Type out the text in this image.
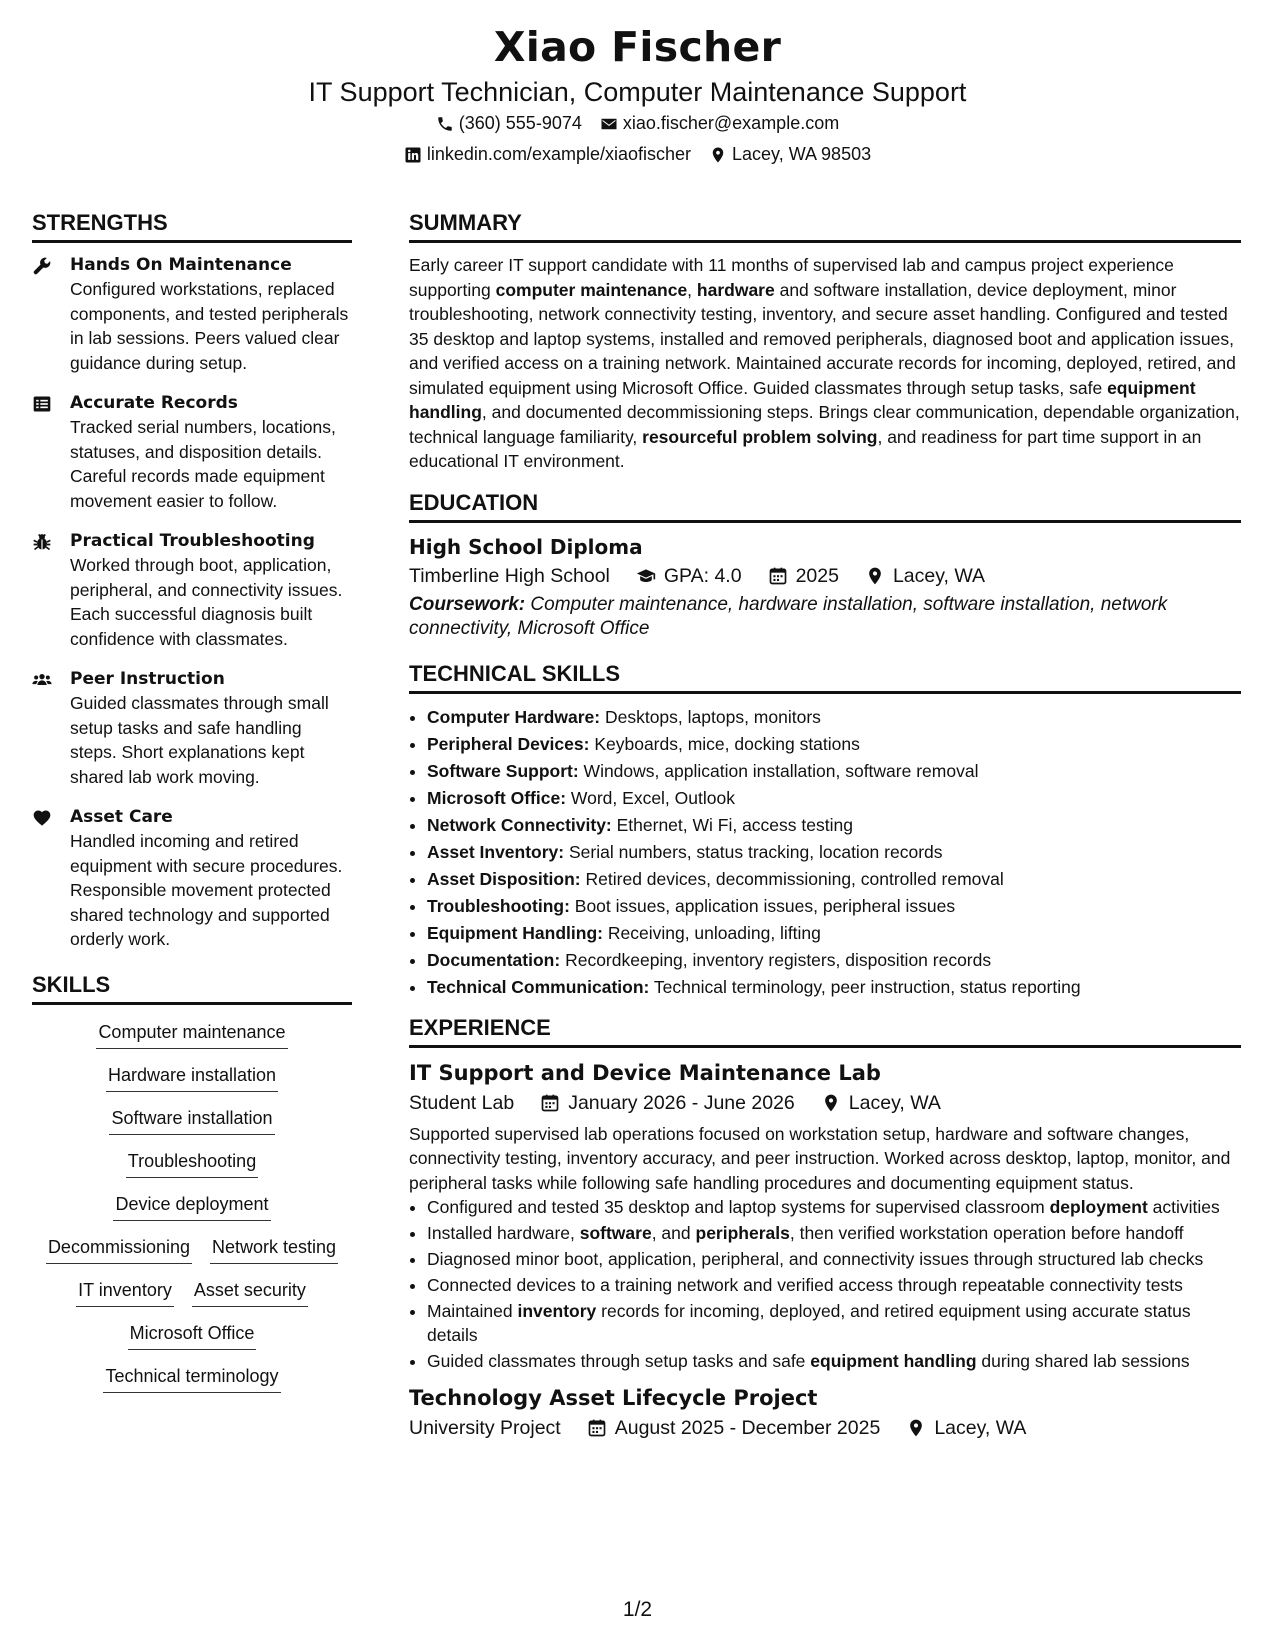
Xiao Fischer
IT Support Technician, Computer Maintenance Support
(360) 555-9074 xiao.fischer@example.com
linkedin.com/example/xiaofischer Lacey, WA 98503
STRENGTHS
Hands On Maintenance
Configured workstations, replaced components, and tested peripherals in lab sessions. Peers valued clear guidance during setup.
Accurate Records
Tracked serial numbers, locations, statuses, and disposition details. Careful records made equipment movement easier to follow.
Practical Troubleshooting
Worked through boot, application, peripheral, and connectivity issues. Each successful diagnosis built confidence with classmates.
Peer Instruction
Guided classmates through small setup tasks and safe handling steps. Short explanations kept shared lab work moving.
Asset Care
Handled incoming and retired equipment with secure procedures. Responsible movement protected shared technology and supported orderly work.
SKILLS
Computer maintenance
Hardware installation
Software installation
Troubleshooting
Device deployment
Decommissioning Network testing
IT inventory Asset security
Microsoft Office
Technical terminology
SUMMARY
Early career IT support candidate with 11 months of supervised lab and campus project experience supporting computer maintenance, hardware and software installation, device deployment, minor troubleshooting, network connectivity testing, inventory, and secure asset handling. Configured and tested 35 desktop and laptop systems, installed and removed peripherals, diagnosed boot and application issues, and verified access on a training network. Maintained accurate records for incoming, deployed, retired, and simulated equipment using Microsoft Office. Guided classmates through setup tasks, safe equipment handling, and documented decommissioning steps. Brings clear communication, dependable organization, technical language familiarity, resourceful problem solving, and readiness for part time support in an educational IT environment.
EDUCATION
High School Diploma
Timberline High School	GPA: 4.0	2025	Lacey, WA
Coursework: Computer maintenance, hardware installation, software installation, network connectivity, Microsoft Office
TECHNICAL SKILLS
• Computer Hardware: Desktops, laptops, monitors
• Peripheral Devices: Keyboards, mice, docking stations
• Software Support: Windows, application installation, software removal
• Microsoft Office: Word, Excel, Outlook
• Network Connectivity: Ethernet, Wi Fi, access testing
• Asset Inventory: Serial numbers, status tracking, location records
• Asset Disposition: Retired devices, decommissioning, controlled removal
• Troubleshooting: Boot issues, application issues, peripheral issues
• Equipment Handling: Receiving, unloading, lifting
• Documentation: Recordkeeping, inventory registers, disposition records
• Technical Communication: Technical terminology, peer instruction, status reporting
EXPERIENCE
IT Support and Device Maintenance Lab
Student Lab	January 2026 - June 2026	Lacey, WA
Supported supervised lab operations focused on workstation setup, hardware and software changes, connectivity testing, inventory accuracy, and peer instruction. Worked across desktop, laptop, monitor, and peripheral tasks while following safe handling procedures and documenting equipment status.
• Configured and tested 35 desktop and laptop systems for supervised classroom deployment activities
• Installed hardware, software, and peripherals, then verified workstation operation before handoff
• Diagnosed minor boot, application, peripheral, and connectivity issues through structured lab checks
• Connected devices to a training network and verified access through repeatable connectivity tests
• Maintained inventory records for incoming, deployed, and retired equipment using accurate status details
• Guided classmates through setup tasks and safe equipment handling during shared lab sessions
Technology Asset Lifecycle Project
University Project	August 2025 - December 2025	Lacey, WA
1/2
